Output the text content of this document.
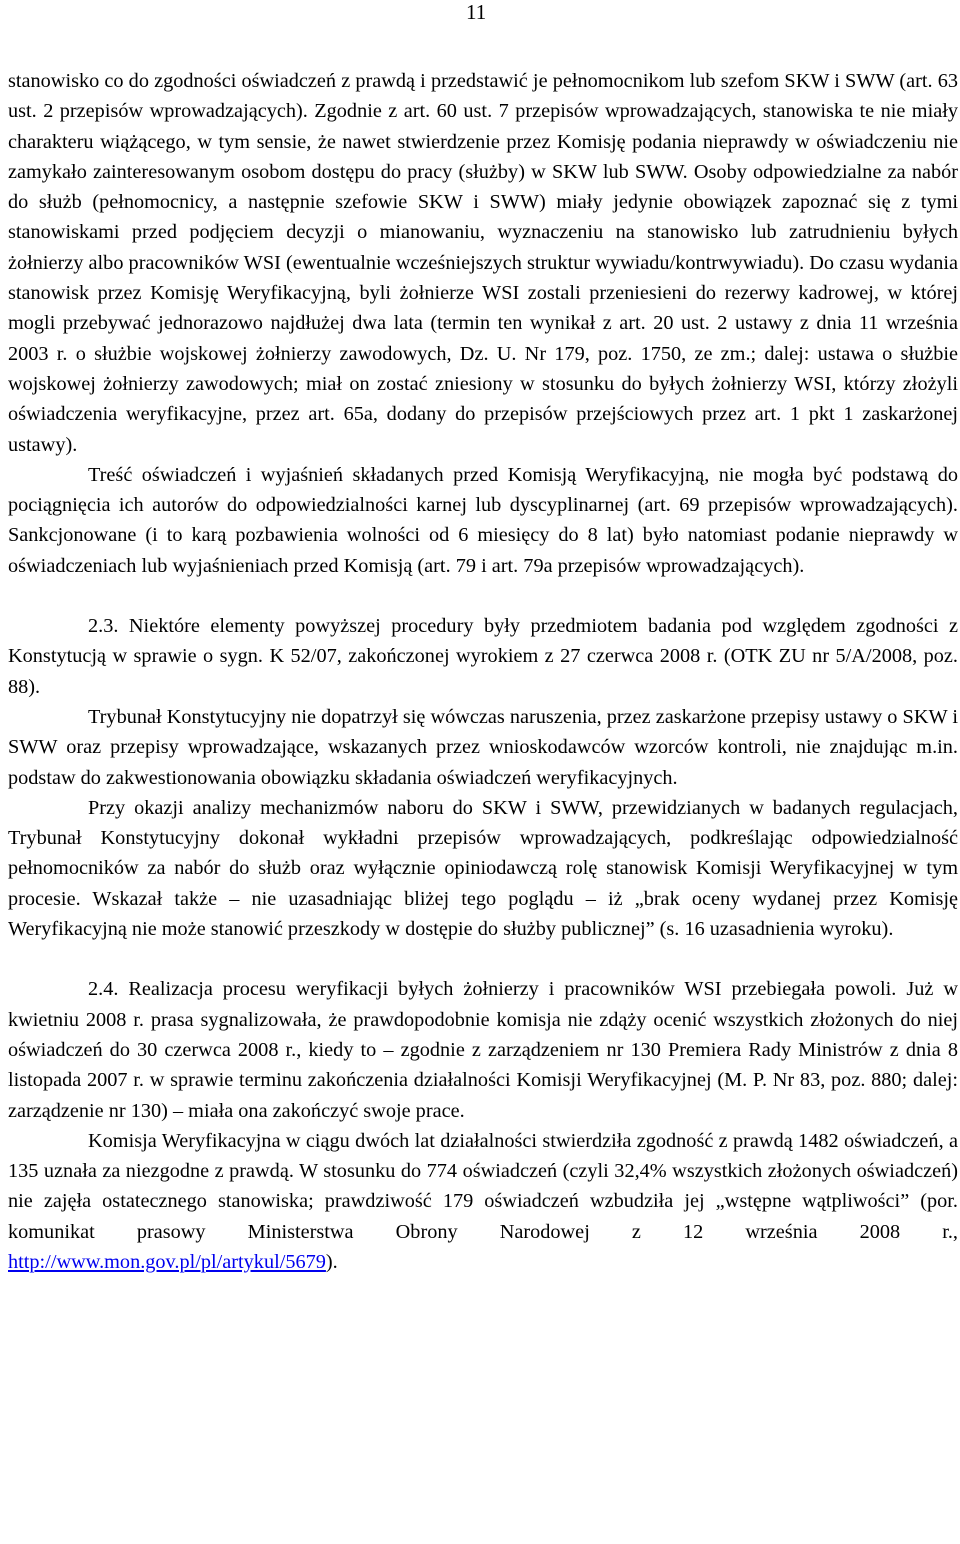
11

stanowisko co do zgodności oświadczeń z prawdą i przedstawić je pełnomocnikom lub szefom SKW i SWW (art. 63 ust. 2 przepisów wprowadzających). Zgodnie z art. 60 ust. 7 przepisów wprowadzających, stanowiska te nie miały charakteru wiążącego, w tym sensie, że nawet stwierdzenie przez Komisję podania nieprawdy w oświadczeniu nie zamykało zainteresowanym osobom dostępu do pracy (służby) w SKW lub SWW. Osoby odpowiedzialne za nabór do służb (pełnomocnicy, a następnie szefowie SKW i SWW) miały jedynie obowiązek zapoznać się z tymi stanowiskami przed podjęciem decyzji o mianowaniu, wyznaczeniu na stanowisko lub zatrudnieniu byłych żołnierzy albo pracowników WSI (ewentualnie wcześniejszych struktur wywiadu/kontrwywiadu). Do czasu wydania stanowisk przez Komisję Weryfikacyjną, byli żołnierze WSI zostali przeniesieni do rezerwy kadrowej, w której mogli przebywać jednorazowo najdłużej dwa lata (termin ten wynikał z art. 20 ust. 2 ustawy z dnia 11 września 2003 r. o służbie wojskowej żołnierzy zawodowych, Dz. U. Nr 179, poz. 1750, ze zm.; dalej: ustawa o służbie wojskowej żołnierzy zawodowych; miał on zostać zniesiony w stosunku do byłych żołnierzy WSI, którzy złożyli oświadczenia weryfikacyjne, przez art. 65a, dodany do przepisów przejściowych przez art. 1 pkt 1 zaskarżonej ustawy).

Treść oświadczeń i wyjaśnień składanych przed Komisją Weryfikacyjną, nie mogła być podstawą do pociągnięcia ich autorów do odpowiedzialności karnej lub dyscyplinarnej (art. 69 przepisów wprowadzających). Sankcjonowane (i to karą pozbawienia wolności od 6 miesięcy do 8 lat) było natomiast podanie nieprawdy w oświadczeniach lub wyjaśnieniach przed Komisją (art. 79 i art. 79a przepisów wprowadzających).

2.3. Niektóre elementy powyższej procedury były przedmiotem badania pod względem zgodności z Konstytucją w sprawie o sygn. K 52/07, zakończonej wyrokiem z 27 czerwca 2008 r. (OTK ZU nr 5/A/2008, poz. 88).

Trybunał Konstytucyjny nie dopatrzył się wówczas naruszenia, przez zaskarżone przepisy ustawy o SKW i SWW oraz przepisy wprowadzające, wskazanych przez wnioskodawców wzorców kontroli, nie znajdując m.in. podstaw do zakwestionowania obowiązku składania oświadczeń weryfikacyjnych.

Przy okazji analizy mechanizmów naboru do SKW i SWW, przewidzianych w badanych regulacjach, Trybunał Konstytucyjny dokonał wykładni przepisów wprowadzających, podkreślając odpowiedzialność pełnomocników za nabór do służb oraz wyłącznie opiniodawczą rolę stanowisk Komisji Weryfikacyjnej w tym procesie. Wskazał także – nie uzasadniając bliżej tego poglądu – iż „brak oceny wydanej przez Komisję Weryfikacyjną nie może stanowić przeszkody w dostępie do służby publicznej” (s. 16 uzasadnienia wyroku).

2.4. Realizacja procesu weryfikacji byłych żołnierzy i pracowników WSI przebiegała powoli. Już w kwietniu 2008 r. prasa sygnalizowała, że prawdopodobnie komisja nie zdąży ocenić wszystkich złożonych do niej oświadczeń do 30 czerwca 2008 r., kiedy to – zgodnie z zarządzeniem nr 130 Premiera Rady Ministrów z dnia 8 listopada 2007 r. w sprawie terminu zakończenia działalności Komisji Weryfikacyjnej (M. P. Nr 83, poz. 880; dalej: zarządzenie nr 130) – miała ona zakończyć swoje prace.

Komisja Weryfikacyjna w ciągu dwóch lat działalności stwierdziła zgodność z prawdą 1482 oświadczeń, a 135 uznała za niezgodne z prawdą. W stosunku do 774 oświadczeń (czyli 32,4% wszystkich złożonych oświadczeń) nie zajęła ostatecznego stanowiska; prawdziwość 179 oświadczeń wzbudziła jej „wstępne wątpliwości” (por. komunikat prasowy Ministerstwa Obrony Narodowej z 12 września 2008 r., http://www.mon.gov.pl/pl/artykul/5679).
